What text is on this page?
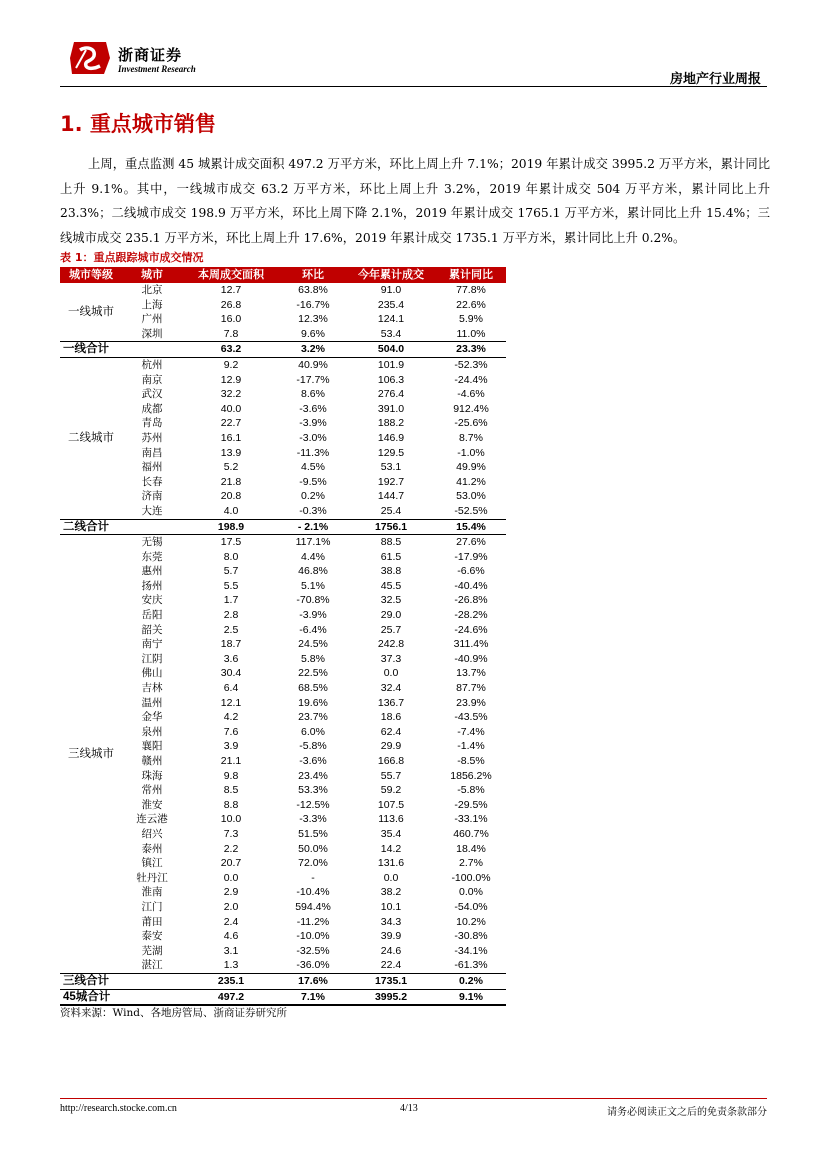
浙商证券
Investment Research
房地产行业周报
1. 重点城市销售
上周，重点监测 45 城累计成交面积 497.2 万平方米，环比上周上升 7.1%；2019 年累计成交 3995.2 万平方米，累计同比上升 9.1%。其中，一线城市成交 63.2 万平方米，环比上周上升 3.2%，2019 年累计成交 504 万平方米，累计同比上升 23.3%；二线城市成交 198.9 万平方米，环比上周下降 2.1%，2019 年累计成交 1765.1 万平方米，累计同比上升 15.4%；三线城市成交 235.1 万平方米，环比上周上升 17.6%，2019 年累计成交 1735.1 万平方米，累计同比上升 0.2%。
表 1：重点跟踪城市成交情况
城市等级	城市	本周成交面积	环比	今年累计成交	累计同比
一线城市	北京	12.7	63.8%	91.0	77.8%
	上海	26.8	-16.7%	235.4	22.6%
	广州	16.0	12.3%	124.1	5.9%
	深圳	7.8	9.6%	53.4	11.0%
一线合计		63.2	3.2%	504.0	23.3%
二线城市	杭州	9.2	40.9%	101.9	-52.3%
	南京	12.9	-17.7%	106.3	-24.4%
	武汉	32.2	8.6%	276.4	-4.6%
	成都	40.0	-3.6%	391.0	912.4%
	青岛	22.7	-3.9%	188.2	-25.6%
	苏州	16.1	-3.0%	146.9	8.7%
	南昌	13.9	-11.3%	129.5	-1.0%
	福州	5.2	4.5%	53.1	49.9%
	长春	21.8	-9.5%	192.7	41.2%
	济南	20.8	0.2%	144.7	53.0%
	大连	4.0	-0.3%	25.4	-52.5%
二线合计		198.9	- 2.1%	1756.1	15.4%
三线城市	无锡	17.5	117.1%	88.5	27.6%
	东莞	8.0	4.4%	61.5	-17.9%
	惠州	5.7	46.8%	38.8	-6.6%
	扬州	5.5	5.1%	45.5	-40.4%
	安庆	1.7	-70.8%	32.5	-26.8%
	岳阳	2.8	-3.9%	29.0	-28.2%
	韶关	2.5	-6.4%	25.7	-24.6%
	南宁	18.7	24.5%	242.8	311.4%
	江阴	3.6	5.8%	37.3	-40.9%
	佛山	30.4	22.5%	0.0	13.7%
	吉林	6.4	68.5%	32.4	87.7%
	温州	12.1	19.6%	136.7	23.9%
	金华	4.2	23.7%	18.6	-43.5%
	泉州	7.6	6.0%	62.4	-7.4%
	襄阳	3.9	-5.8%	29.9	-1.4%
	赣州	21.1	-3.6%	166.8	-8.5%
	珠海	9.8	23.4%	55.7	1856.2%
	常州	8.5	53.3%	59.2	-5.8%
	淮安	8.8	-12.5%	107.5	-29.5%
	连云港	10.0	-3.3%	113.6	-33.1%
	绍兴	7.3	51.5%	35.4	460.7%
	泰州	2.2	50.0%	14.2	18.4%
	镇江	20.7	72.0%	131.6	2.7%
	牡丹江	0.0	-	0.0	-100.0%
	淮南	2.9	-10.4%	38.2	0.0%
	江门	2.0	594.4%	10.1	-54.0%
	莆田	2.4	-11.2%	34.3	10.2%
	泰安	4.6	-10.0%	39.9	-30.8%
	芜湖	3.1	-32.5%	24.6	-34.1%
	湛江	1.3	-36.0%	22.4	-61.3%
三线合计		235.1	17.6%	1735.1	0.2%
45城合计		497.2	7.1%	3995.2	9.1%
资料来源：Wind、各地房管局、浙商证券研究所
http://research.stocke.com.cn	4/13	请务必阅读正文之后的免责条款部分
